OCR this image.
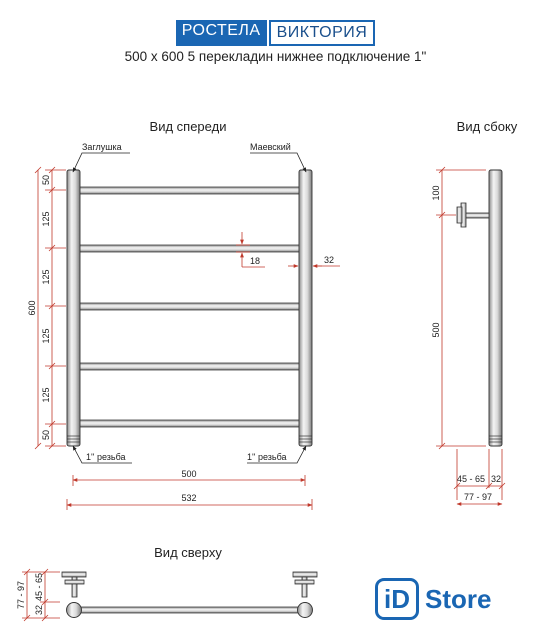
РОСТЕЛА	ВИКТОРИЯ
500 x 600 5 перекладин нижнее подключение 1"
Вид спереди	Вид сбоку
Вид сверху
Заглушка	Маевский
1'' резьба	1'' резьба
50
125
125
125
125
50
600
18	32
500
532
100
500
45 - 65 32
77 - 97
77 - 97 45 - 65
32	iD Store
